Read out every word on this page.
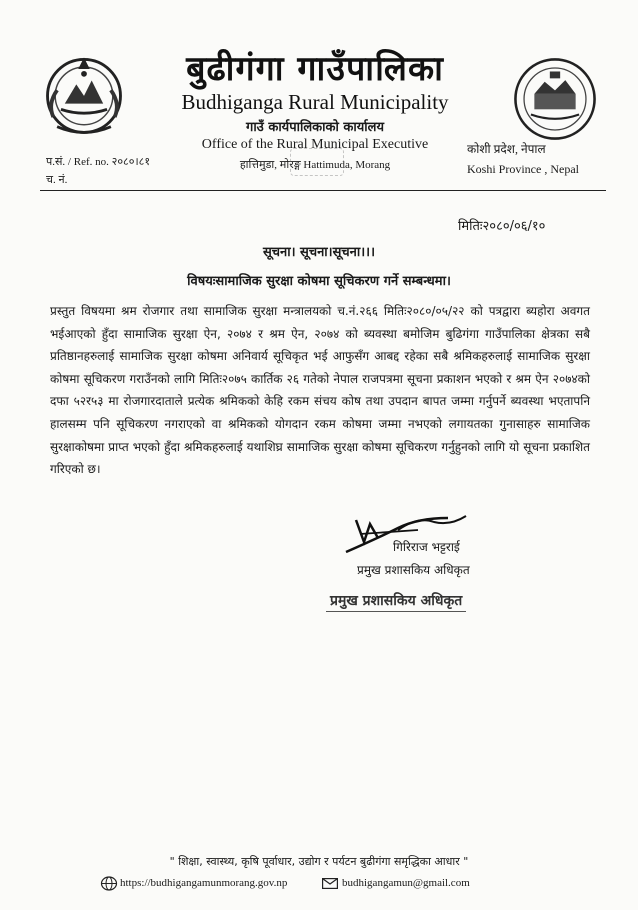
बुढीगंगा गाउँपालिका
Budhiganga Rural Municipality
गाउँ कार्यपालिकाको कार्यालय
Office of the Rural Municipal Executive
हात्तिमुडा, मोरङ्ग Hattimuda, Morang
प.सं. / Ref. no. २०८०।८१
च. नं.
कोशी प्रदेश, नेपाल
Koshi Province , Nepal
मितिः२०८०/०६/१०
सूचना। सूचना।सूचना।।।
विषयःसामाजिक सुरक्षा कोषमा सूचिकरण गर्ने सम्बन्धमा।
प्रस्तुत विषयमा श्रम रोजगार तथा सामाजिक सुरक्षा मन्त्रालयको च.नं.२६६ मितिः२०८०/०५/२२ को पत्रद्वारा ब्यहोरा अवगत भईआएको हुँदा सामाजिक सुरक्षा ऐन, २०७४ र श्रम ऐन, २०७४ को ब्यवस्था बमोजिम बुढिगंगा गाउँपालिका क्षेत्रका सबै प्रतिष्ठानहरुलाई सामाजिक सुरक्षा कोषमा अनिवार्य सूचिकृत भई आफुसँग आबद्द रहेका सबै श्रमिकहरुलाई सामाजिक सुरक्षा कोषमा सूचिकरण गराउँनको लागि मितिः२०७५ कार्तिक २६ गतेको नेपाल राजपत्रमा सूचना प्रकाशन भएको र श्रम ऐन २०७४को दफा ५२र५३ मा रोजगारदाताले प्रत्येक श्रमिकको केहि रकम संचय कोष तथा उपदान बापत जम्मा गर्नुपर्ने ब्यवस्था भएतापनि हालसम्म पनि सूचिकरण नगराएको वा श्रमिकको योगदान रकम कोषमा जम्मा नभएको लगायतका गुनासाहरु सामाजिक सुरक्षाकोषमा प्राप्त भएको हुँदा श्रमिकहरुलाई यथाशिघ्र सामाजिक सुरक्षा कोषमा सूचिकरण गर्नुहुनको लागि यो सूचना प्रकाशित गरिएको छ।
गिरिराज भट्टराई
प्रमुख प्रशासकिय अधिकृत
प्रमुख प्रशासकिय अधिकृत
" शिक्षा, स्वास्थ्य, कृषि पूर्वाधार, उद्योग र पर्यटन बुढीगंगा समृद्धिका आधार "
https://budhigangamunmorang.gov.np	budhigangamun@gmail.com
